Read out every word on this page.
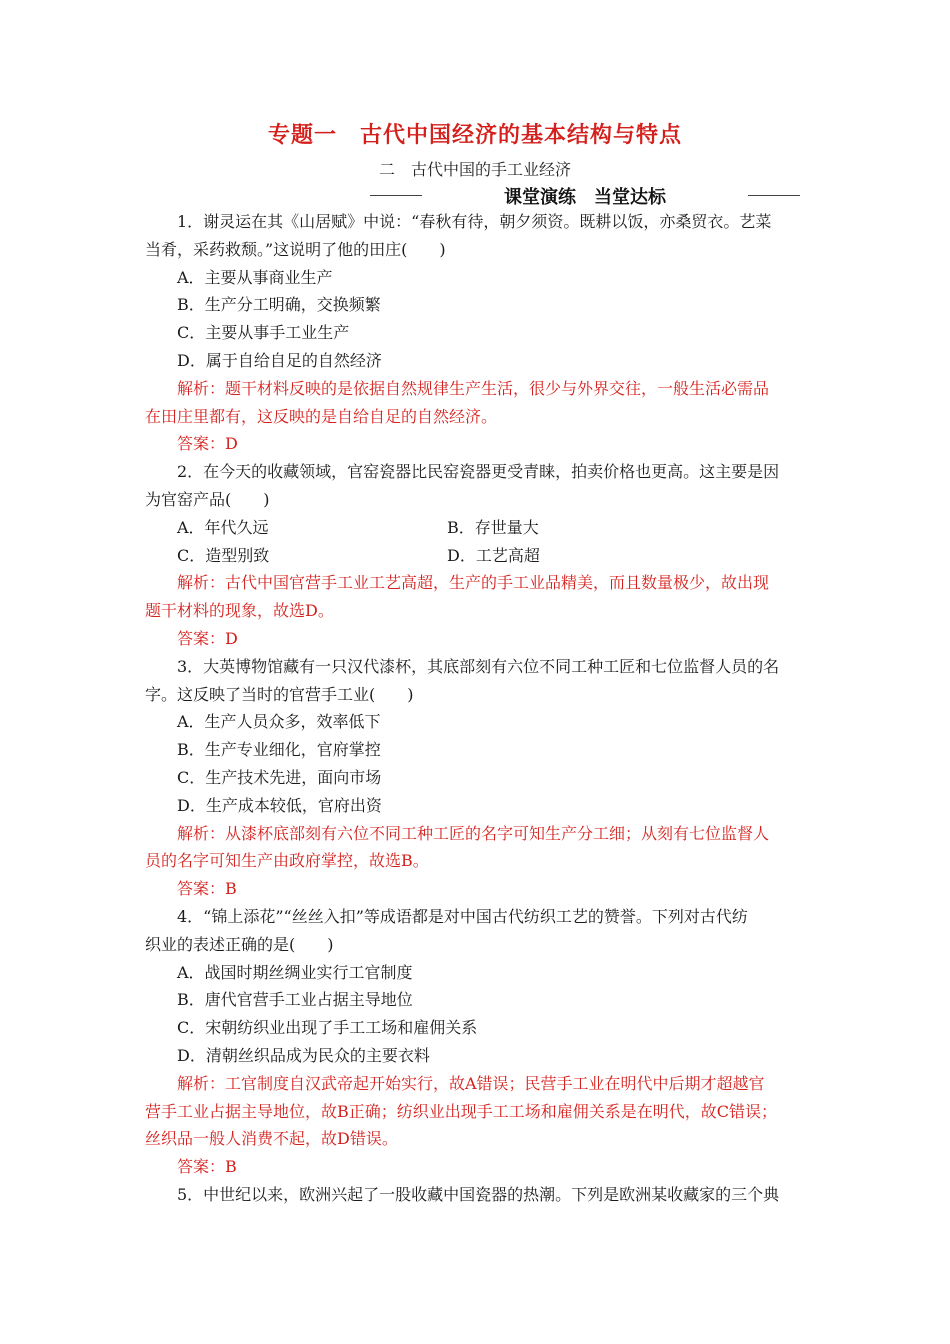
专题一　古代中国经济的基本结构与特点
二　古代中国的手工业经济
课堂演练　当堂达标
1．谢灵运在其《山居赋》中说：“春秋有待，朝夕须资。既耕以饭，亦桑贸衣。艺菜
当肴，采药救颓。”这说明了他的田庄(　　)
A．主要从事商业生产
B．生产分工明确，交换频繁
C．主要从事手工业生产
D．属于自给自足的自然经济
解析：题干材料反映的是依据自然规律生产生活，很少与外界交往，一般生活必需品
在田庄里都有，这反映的是自给自足的自然经济。
答案：D
2．在今天的收藏领域，官窑瓷器比民窑瓷器更受青睐，拍卖价格也更高。这主要是因
为官窑产品(　　)
A．年代久远	B．存世量大
C．造型别致	D．工艺高超
解析：古代中国官营手工业工艺高超，生产的手工业品精美，而且数量极少，故出现
题干材料的现象，故选D。
答案：D
3．大英博物馆藏有一只汉代漆杯，其底部刻有六位不同工种工匠和七位监督人员的名
字。这反映了当时的官营手工业(　　)
A．生产人员众多，效率低下
B．生产专业细化，官府掌控
C．生产技术先进，面向市场
D．生产成本较低，官府出资
解析：从漆杯底部刻有六位不同工种工匠的名字可知生产分工细；从刻有七位监督人
员的名字可知生产由政府掌控，故选B。
答案：B
4．“锦上添花”“丝丝入扣”等成语都是对中国古代纺织工艺的赞誉。下列对古代纺
织业的表述正确的是(　　)
A．战国时期丝绸业实行工官制度
B．唐代官营手工业占据主导地位
C．宋朝纺织业出现了手工工场和雇佣关系
D．清朝丝织品成为民众的主要衣料
解析：工官制度自汉武帝起开始实行，故A错误；民营手工业在明代中后期才超越官
营手工业占据主导地位，故B正确；纺织业出现手工工场和雇佣关系是在明代，故C错误；
丝织品一般人消费不起，故D错误。
答案：B
5．中世纪以来，欧洲兴起了一股收藏中国瓷器的热潮。下列是欧洲某收藏家的三个典
